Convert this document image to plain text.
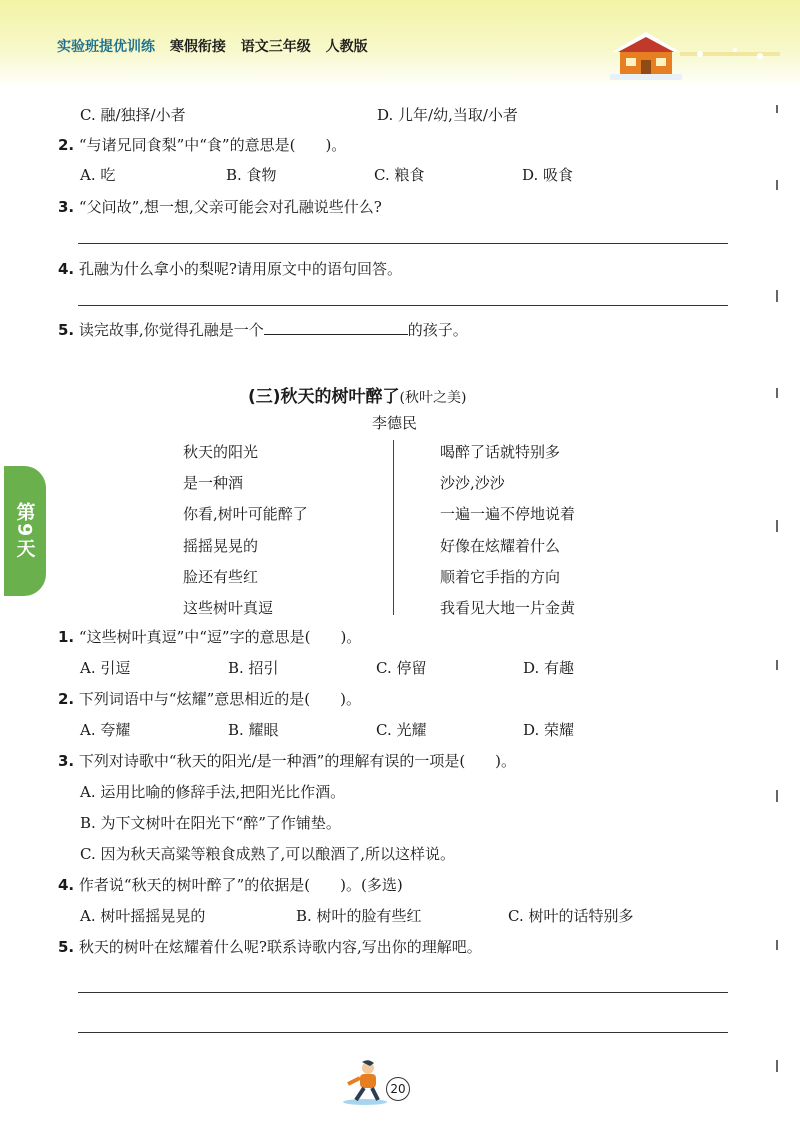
实验班提优训练 寒假衔接 语文三年级 人教版
C. 融/独择/小者	D. 儿年/幼,当取/小者
2. “与诸兄同食梨”中“食”的意思是(　　)。
A. 吃	B. 食物	C. 粮食	D. 吸食
3. “父问故”,想一想,父亲可能会对孔融说些什么?
4. 孔融为什么拿小的梨呢?请用原文中的语句回答。
5. 读完故事,你觉得孔融是一个	的孩子。
(三)秋天的树叶醉了(秋叶之美)
李德民
秋天的阳光
是一种酒
你看,树叶可能醉了
摇摇晃晃的
脸还有些红
这些树叶真逗
喝醉了话就特别多
沙沙,沙沙
一遍一遍不停地说着
好像在炫耀着什么
顺着它手指的方向
我看见大地一片金黄
第9天
1. “这些树叶真逗”中“逗”字的意思是(　　)。
A. 引逗	B. 招引	C. 停留	D. 有趣
2. 下列词语中与“炫耀”意思相近的是(　　)。
A. 夸耀	B. 耀眼	C. 光耀	D. 荣耀
3. 下列对诗歌中“秋天的阳光/是一种酒”的理解有误的一项是(　　)。
A. 运用比喻的修辞手法,把阳光比作酒。
B. 为下文树叶在阳光下“醉”了作铺垫。
C. 因为秋天高粱等粮食成熟了,可以酿酒了,所以这样说。
4. 作者说“秋天的树叶醉了”的依据是(　　)。(多选)
A. 树叶摇摇晃晃的	B. 树叶的脸有些红	C. 树叶的话特别多
5. 秋天的树叶在炫耀着什么呢?联系诗歌内容,写出你的理解吧。
20
